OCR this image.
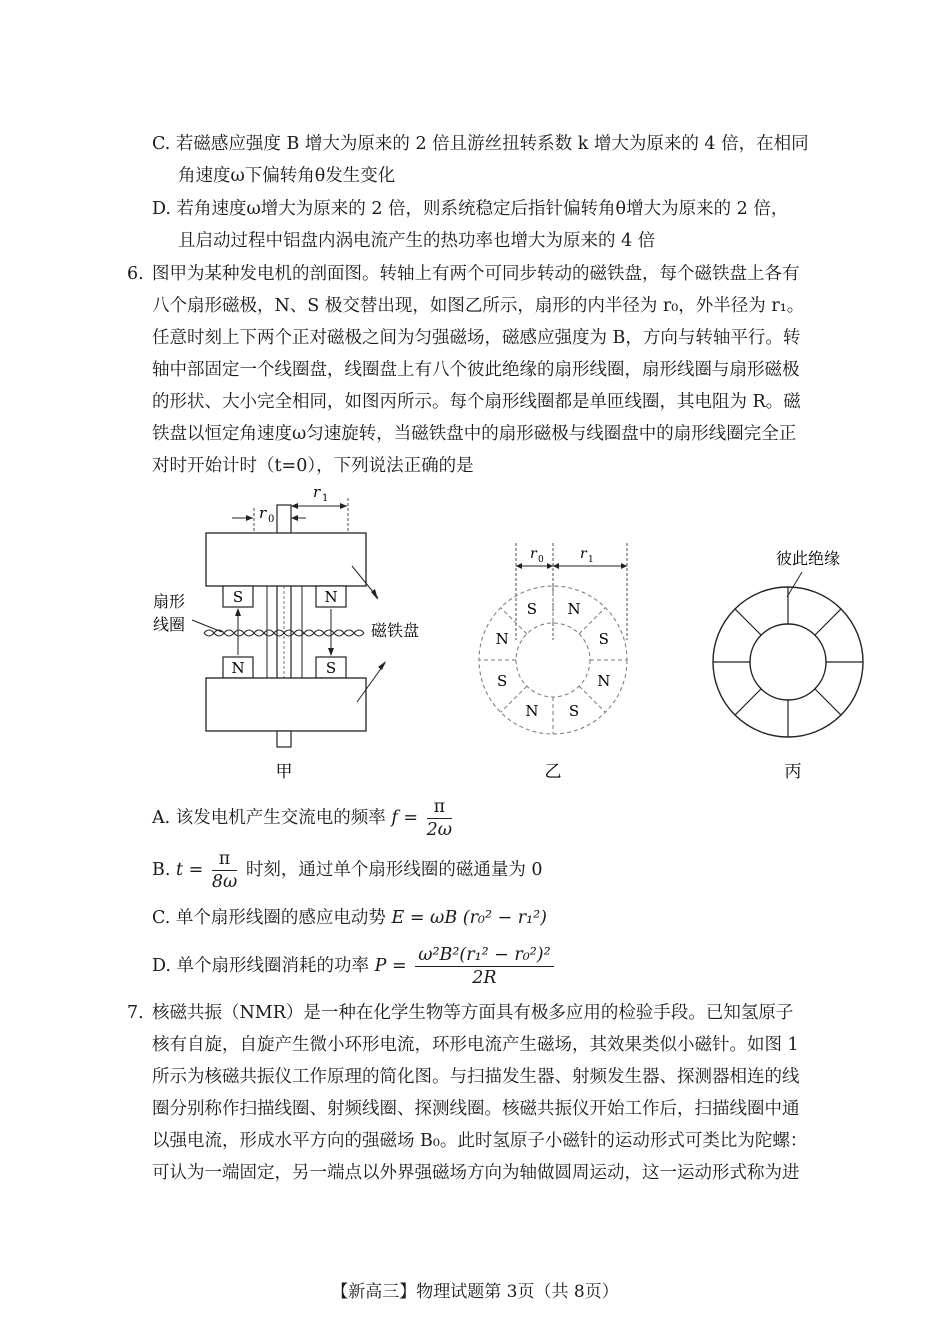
C. 若磁感应强度 B 增大为原来的 2 倍且游丝扭转系数 k 增大为原来的 4 倍，在相同
角速度ω下偏转角θ发生变化
D. 若角速度ω增大为原来的 2 倍，则系统稳定后指针偏转角θ增大为原来的 2 倍，
且启动过程中铝盘内涡电流产生的热功率也增大为原来的 4 倍
6. 图甲为某种发电机的剖面图。转轴上有两个可同步转动的磁铁盘，每个磁铁盘上各有
八个扇形磁极，N、S 极交替出现，如图乙所示，扇形的内半径为 r₀，外半径为 r₁。
任意时刻上下两个正对磁极之间为匀强磁场，磁感应强度为 B，方向与转轴平行。转
轴中部固定一个线圈盘，线圈盘上有八个彼此绝缘的扇形线圈，扇形线圈与扇形磁极
的形状、大小完全相同，如图丙所示。每个扇形线圈都是单匝线圈，其电阻为 R。磁
铁盘以恒定角速度ω匀速旋转，当磁铁盘中的扇形磁极与线圈盘中的扇形线圈完全正
对时开始计时（t=0），下列说法正确的是
r 1
r 0
S	N
N	S
扇形
线圈	磁铁盘
甲
r 0	r 1
S N
S
N
S
N
S
N
乙
彼此绝缘
丙
A. 该发电机产生交流电的频率 $f = \frac{\pi}{2\omega}$
B. $t = \frac{\pi}{8\omega}$ 时刻，通过单个扇形线圈的磁通量为 0
C. 单个扇形线圈的感应电动势 E = ωB (r₀² − r₁²)
D. 单个扇形线圈消耗的功率 $P = \frac{\text{ω²B²(r₁² − r₀²)²}}{2R}$
7. 核磁共振（NMR）是一种在化学生物等方面具有极多应用的检验手段。已知氢原子
核有自旋，自旋产生微小环形电流，环形电流产生磁场，其效果类似小磁针。如图 1
所示为核磁共振仪工作原理的简化图。与扫描发生器、射频发生器、探测器相连的线
圈分别称作扫描线圈、射频线圈、探测线圈。核磁共振仪开始工作后，扫描线圈中通
以强电流，形成水平方向的强磁场 B₀。此时氢原子小磁针的运动形式可类比为陀螺：
可认为一端固定，另一端点以外界强磁场方向为轴做圆周运动，这一运动形式称为进
【新高三】物理试题第 3页（共 8页）
